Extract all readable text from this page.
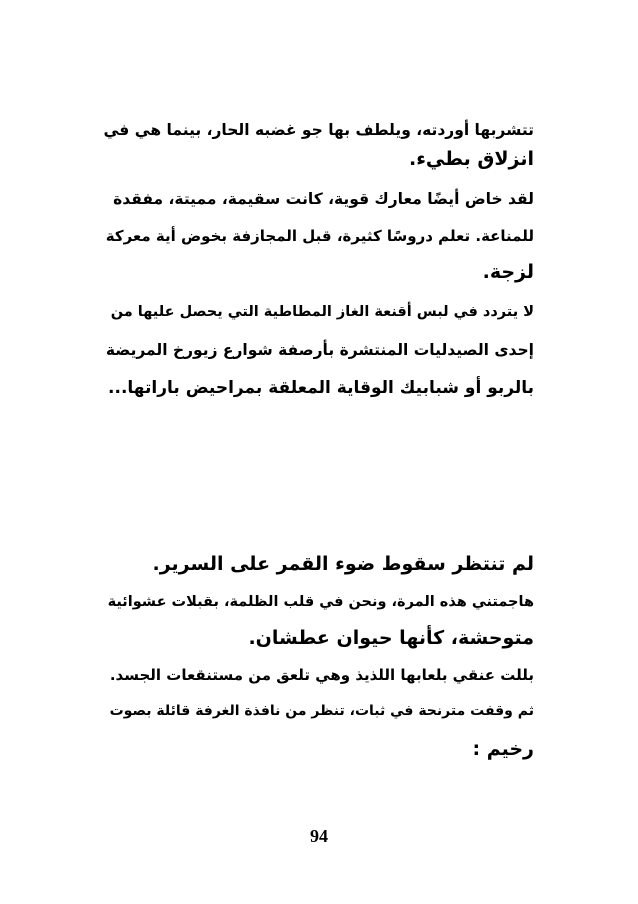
تتشربها أوردته، ويلطف بها جو غضبه الحار، بينما هي في
انزلاق بطيء.
لقد خاض أيضًا معارك قوية، كانت سقيمة، مميتة، مفقدة
للمناعة. تعلم دروسًا كثيرة، قبل المجازفة بخوض أية معركة
لزجة.
لا يتردد في لبس أقنعة الغاز المطاطية التي يحصل عليها من
إحدى الصيدليات المنتشرة بأرصفة شوارع زيورخ المريضة
بالربو أو شبابيك الوقاية المعلقة بمراحيض باراتها...
لم تنتظر سقوط ضوء القمر على السرير.
هاجمتني هذه المرة، ونحن في قلب الظلمة، بقبلات عشوائية
متوحشة، كأنها حيوان عطشان.
بللت عنقي بلعابها اللذيذ وهي تلعق من مستنقعات الجسد.
ثم وقفت مترنحة في ثبات، تنظر من نافذة الغرفة قائلة بصوت
رخيم :
94
